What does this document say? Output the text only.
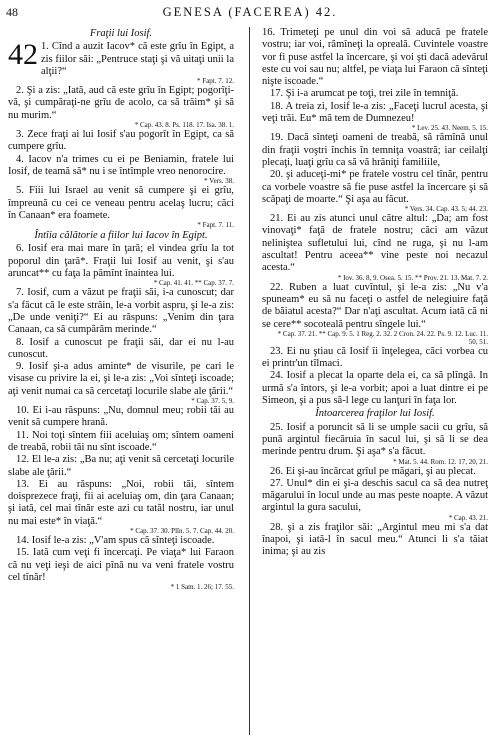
48	GENESA (FACEREA) 42.
Fraţii lui Iosif.

42 1. Cînd a auzit Iacov* că este grîu în Egipt, a zis fiilor săi: „Pentruce staţi şi vă uitaţi unii la alţii?“
* Fapt. 7. 12.

2. Şi a zis: „Iată, aud că este grîu în Egipt; pogorîţi-vă, şi cumpăraţi-ne grîu de acolo, ca să trăim* şi să nu murim.“
* Cap. 43. 8. Ps. 118. 17. Isa. 38. 1.

3. Zece fraţi ai lui Iosif s'au pogorît în Egipt, ca să cumpere grîu.

4. Iacov n'a trimes cu ei pe Beniamin, fratele lui Iosif, de teamă să* nu i se întîmple vreo nenorocire.
* Vers. 38.

5. Fiii lui Israel au venit să cumpere şi ei grîu, împreună cu cei ce veneau pentru acelaş lucru; căci în Canaan* era foamete.
* Fapt. 7. 11.

Întîia călătorie a fiilor lui Iacov în Egipt.

6. Iosif era mai mare în ţară; el vindea grîu la tot poporul din ţară*. Fraţii lui Iosif au venit, şi s'au aruncat** cu faţa la pămînt înaintea lui.
* Cap. 41. 41. ** Cap. 37. 7.

7. Iosif, cum a văzut pe fraţii săi, i-a cunoscut; dar s'a făcut că le este străin, le-a vorbit aspru, şi le-a zis: „De unde veniţi?“ Ei au răspuns: „Venim din ţara Canaan, ca să cumpărăm merinde.“

8. Iosif a cunoscut pe fraţii săi, dar ei nu l-au cunoscut.

9. Iosif şi-a adus aminte* de visurile, pe cari le visase cu privire la ei, şi le-a zis: „Voi sînteţi iscoade; aţi venit numai ca să cercetaţi locurile slabe ale ţării.“
* Cap. 37. 5, 9.

10. Ei i-au răspuns: „Nu, domnul meu; robii tăi au venit să cumpere hrană.

11. Noi toţi sîntem fiii aceluiaş om; sîntem oameni de treabă, robii tăi nu sînt iscoade.“

12. El le-a zis: „Ba nu; aţi venit să cercetaţi locurile slabe ale ţării.“

13. Ei au răspuns: „Noi, robii tăi, sîntem doisprezece fraţi, fii ai aceluiaş om, din ţara Canaan; şi iată, cel mai tînăr este azi cu tatăl nostru, iar unul nu mai este* în viaţă.“
* Cap. 37. 30. Plîn. 5. 7. Cap. 44. 20.

14. Iosif le-a zis: „V'am spus că sînteţi iscoade.

15. Iată cum veţi fi încercaţi. Pe viaţa* lui Faraon că nu veţi ieşi de aici pînă nu va veni fratele vostru cel tînăr!
* 1 Sam. 1. 26; 17. 55.

16. Trimeteţi pe unul din voi să aducă pe fratele vostru; iar voi, rămîneţi la opreală. Cuvintele voastre vor fi puse astfel la încercare, şi voi şti dacă adevărul este cu voi sau nu; altfel, pe viaţa lui Faraon că sînteţi nişte iscoade.“

17. Şi i-a arumcat pe toţi, trei zile în temniţă.

18. A treia zi, Iosif le-a zis: „Faceţi lucrul acesta, şi veţi trăi. Eu* mă tem de Dumnezeu!
* Lev. 25. 43. Neem. 5. 15.

19. Dacă sînteţi oameni de treabă, să rămînă unul din fraţii voştri închis în temniţa voastră; iar ceilalţi plecaţi, luaţi grîu ca să vă hrăniţi familiile,

20. şi aduceţi-mi* pe fratele vostru cel tînăr, pentru ca vorbele voastre să fie puse astfel la încercare şi să scăpaţi de moarte.“ Şi aşa au făcut.
* Vers. 34. Cap. 43. 5; 44. 23.

21. Ei au zis atunci unul către altul: „Da; am fost vinovaţi* faţă de fratele nostru; căci am văzut neliniştea sufletului lui, cînd ne ruga, şi nu l-am ascultat! Pentru aceea** vine peste noi necazul acesta.“
* Iov. 36. 8, 9. Osea. 5. 15. ** Prov. 21. 13. Mat. 7. 2.

22. Ruben a luat cuvîntul, şi le-a zis: „Nu v'a spuneam* eu să nu faceţi o astfel de nelegiuire faţă de băiatul acesta?“ Dar n'aţi ascultat. Acum iată că ni se cere** socoteală pentru sîngele lui.“
* Cap. 37. 21. ** Cap. 9. 5. 1 Reg. 2. 32. 2 Cron. 24. 22. Ps. 9. 12. Luc. 11. 50, 51.

23. Ei nu ştiau că Iosif îi înţelegea, căci vorbea cu ei printr'un tîlmaci.

24. Iosif a plecat la oparte dela ei, ca să plîngă. In urmă s'a întors, şi le-a vorbit; apoi a luat dintre ei pe Simeon, şi a pus să-l lege cu lanţuri în faţa lor.

Întoarcerea fraţilor lui Iosif.

25. Iosif a poruncit să li se umple sacii cu grîu, să pună argintul fiecăruia în sacul lui, şi să li se dea merinde pentru drum. Şi aşa* s'a făcut.
* Mat. 5. 44. Rom. 12. 17, 20, 21.

26. Ei şi-au încărcat grîul pe măgari, şi au plecat.

27. Unul* din ei şi-a deschis sacul ca să dea nutreţ măgarului în locul unde au mas peste noapte. A văzut argintul la gura sacului,
* Cap. 43. 21.

28. şi a zis fraţilor săi: „Argintul meu mi s'a dat înapoi, şi iată-l în sacul meu.“ Atunci li s'a tăiat inima; şi au zis
